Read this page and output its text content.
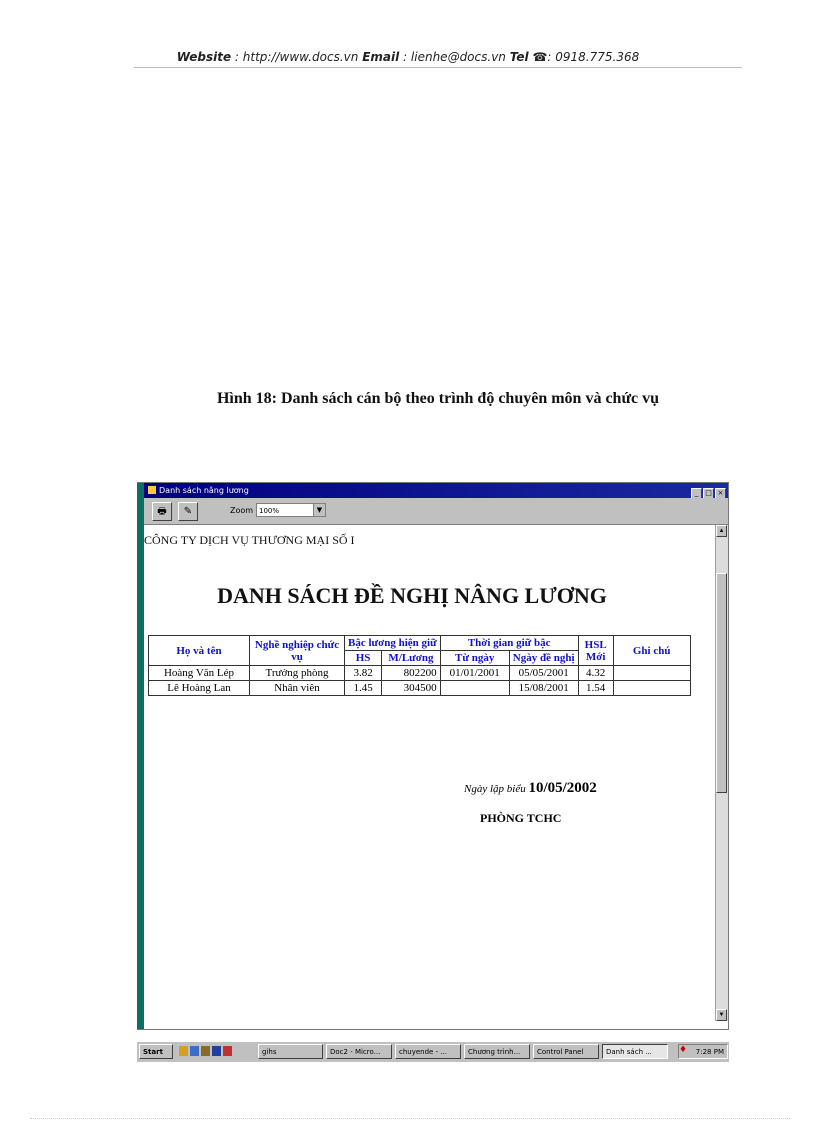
Website : http://www.docs.vn Email : lienhe@docs.vn Tel ☎: 0918.775.368
Hình 18: Danh sách cán bộ theo trình độ chuyên môn và chức vụ
Danh sách nâng lương	_ □ ×
🖶	✎	Zoom 100%	▼
CÔNG TY DỊCH VỤ THƯƠNG MẠI SỐ I
DANH SÁCH ĐỀ NGHỊ NÂNG LƯƠNG
Họ và tên	Nghề nghiệp chức vụ	Bậc lương hiện giữ		Thời gian giữ bậc		HSL Mới	Ghi chú
		HS	M/Lương	Từ ngày	Ngày đề nghị		
Hoàng Văn Lép	Trưởng phòng	3.82	802200	01/01/2001	05/05/2001	4.32	
Lê Hoàng Lan	Nhân viên	1.45	304500		15/08/2001	1.54	
Ngày lập biểu 10/05/2002
PHÒNG TCHC
▲
▼
Start	gihs	Doc2 - Micro...	chuyende - ...	Chương trình...	Control Panel	Danh sách ...	♦	7:28 PM
